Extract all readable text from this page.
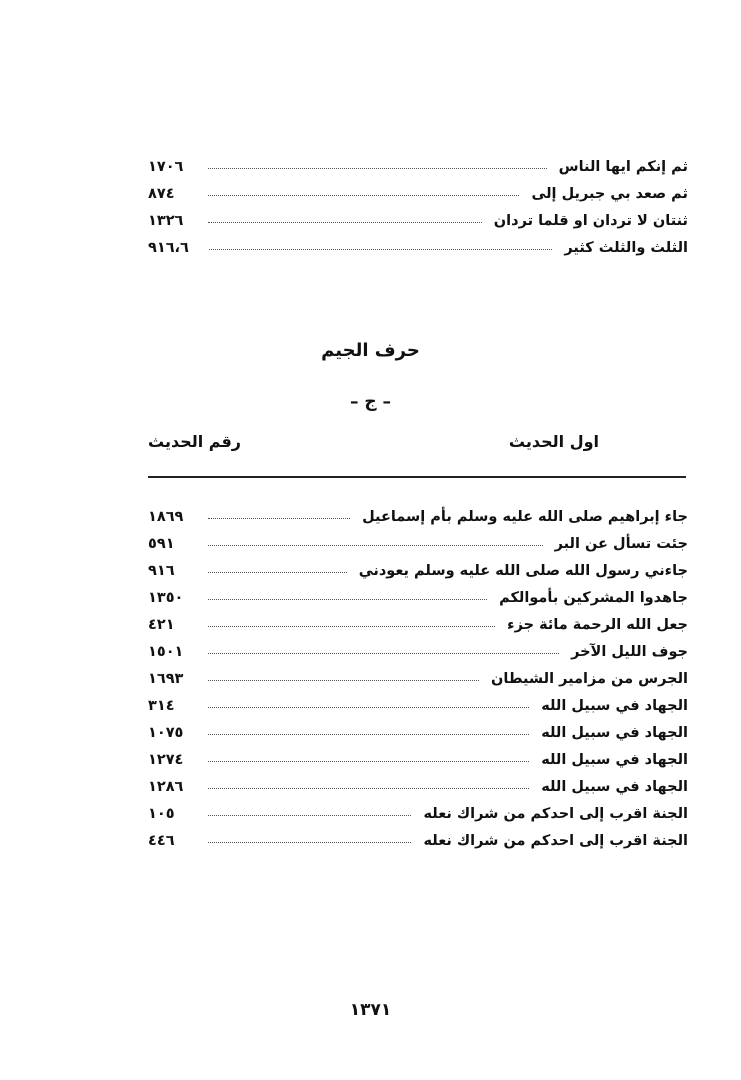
ثم إنكم ايها الناس
١٧٠٦
ثم صعد بي جبريل إلى
٨٧٤
ثنتان لا تردان او قلما تردان
١٣٢٦
الثلث والثلث كثير
٩١٦،٦
حرف الجيم
– ج –
اول الحديث
رقم الحديث
جاء إبراهيم صلى الله عليه وسلم بأم إسماعيل
١٨٦٩
جئت تسأل عن البر
٥٩١
جاءني رسول الله صلى الله عليه وسلم يعودني
٩١٦
جاهدوا المشركين بأموالكم
١٣٥٠
جعل الله الرحمة مائة جزء
٤٢١
جوف الليل الآخر
١٥٠١
الجرس من مزامير الشيطان
١٦٩٣
الجهاد في سبيل الله
٣١٤
الجهاد في سبيل الله
١٠٧٥
الجهاد في سبيل الله
١٢٧٤
الجهاد في سبيل الله
١٢٨٦
الجنة اقرب إلى احدكم من شراك نعله
١٠٥
الجنة اقرب إلى احدكم من شراك نعله
٤٤٦
١٣٧١
